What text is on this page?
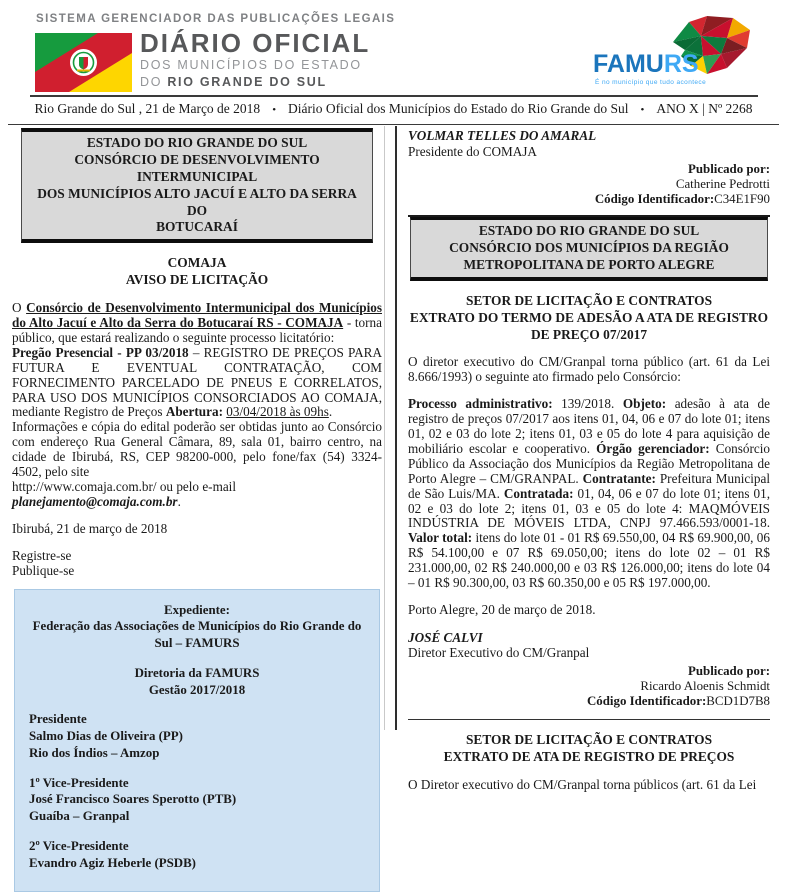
SISTEMA GERENCIADOR DAS PUBLICAÇÕES LEGAIS
DIÁRIO OFICIAL
DOS MUNICÍPIOS DO ESTADO
DO RIO GRANDE DO SUL
FAMURS
É no município que tudo acontece
Rio Grande do Sul , 21 de Março de 2018 • Diário Oficial dos Municípios do Estado do Rio Grande do Sul • ANO X | Nº 2268
ESTADO DO RIO GRANDE DO SUL
CONSÓRCIO DE DESENVOLVIMENTO INTERMUNICIPAL
DOS MUNICÍPIOS ALTO JACUÍ E ALTO DA SERRA DO
BOTUCARAÍ
COMAJA
AVISO DE LICITAÇÃO

O Consórcio de Desenvolvimento Intermunicipal dos Municípios do Alto Jacuí e Alto da Serra do Botucaraí RS - COMAJA - torna público, que estará realizando o seguinte processo licitatório:

Pregão Presencial - PP 03/2018 – REGISTRO DE PREÇOS PARA FUTURA E EVENTUAL CONTRATAÇÃO, COM FORNECIMENTO PARCELADO DE PNEUS E CORRELATOS, PARA USO DOS MUNICÍPIOS CONSORCIADOS AO COMAJA, mediante Registro de Preços Abertura: 03/04/2018 às 09hs.

Informações e cópia do edital poderão ser obtidas junto ao Consórcio com endereço Rua General Câmara, 89, sala 01, bairro centro, na cidade de Ibirubá, RS, CEP 98200-000, pelo fone/fax (54) 3324-4502, pelo site

http://www.comaja.com.br/ ou pelo e-mail

planejamento@comaja.com.br.

Ibirubá, 21 de março de 2018

Registre-se
Publique-se
Expediente:
Federação das Associações de Municípios do Rio Grande do Sul – FAMURS
Diretoria da FAMURS
Gestão 2017/2018
Presidente
Salmo Dias de Oliveira (PP)
Rio dos Índios – Amzop
1º Vice-Presidente
José Francisco Soares Sperotto (PTB)
Guaíba – Granpal
2º Vice-Presidente
Evandro Agiz Heberle (PSDB)
VOLMAR TELLES DO AMARAL
Presidente do COMAJA
Publicado por:
Catherine Pedrotti
Código Identificador:C34E1F90
ESTADO DO RIO GRANDE DO SUL
CONSÓRCIO DOS MUNICÍPIOS DA REGIÃO
METROPOLITANA DE PORTO ALEGRE
SETOR DE LICITAÇÃO E CONTRATOS
EXTRATO DO TERMO DE ADESÃO A ATA DE REGISTRO
DE PREÇO 07/2017

O diretor executivo do CM/Granpal torna público (art. 61 da Lei 8.666/1993) o seguinte ato firmado pelo Consórcio:

Processo administrativo: 139/2018. Objeto: adesão à ata de registro de preços 07/2017 aos itens 01, 04, 06 e 07 do lote 01; itens 01, 02 e 03 do lote 2; itens 01, 03 e 05 do lote 4 para aquisição de mobiliário escolar e cooperativo. Órgão gerenciador: Consórcio Público da Associação dos Municípios da Região Metropolitana de Porto Alegre – CM/GRANPAL. Contratante: Prefeitura Municipal de São Luis/MA. Contratada: 01, 04, 06 e 07 do lote 01; itens 01, 02 e 03 do lote 2; itens 01, 03 e 05 do lote 4: MAQMÓVEIS INDÚSTRIA DE MÓVEIS LTDA, CNPJ 97.466.593/0001-18. Valor total: itens do lote 01 - 01 R$ 69.550,00, 04 R$ 69.900,00, 06 R$ 54.100,00 e 07 R$ 69.050,00; itens do lote 02 – 01 R$ 231.000,00, 02 R$ 240.000,00 e 03 R$ 126.000,00; itens do lote 04 – 01 R$ 90.300,00, 03 R$ 60.350,00 e 05 R$ 197.000,00.

Porto Alegre, 20 de março de 2018.

JOSÉ CALVI
Diretor Executivo do CM/Granpal
Publicado por:
Ricardo Aloenis Schmidt
Código Identificador:BCD1D7B8
SETOR DE LICITAÇÃO E CONTRATOS
EXTRATO DE ATA DE REGISTRO DE PREÇOS

O Diretor executivo do CM/Granpal torna públicos (art. 61 da Lei
